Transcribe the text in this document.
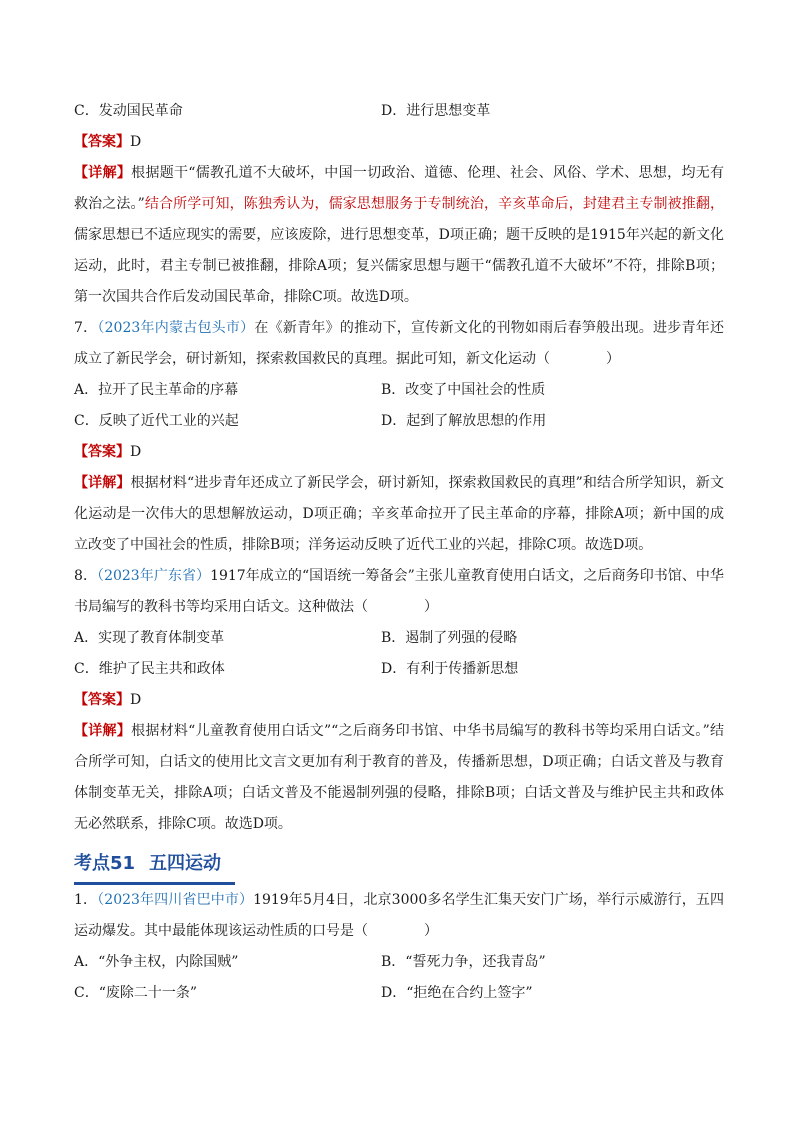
C．发动国民革命	D．进行思想变革
【答案】D
【详解】根据题干“儒教孔道不大破坏，中国一切政治、道德、伦理、社会、风俗、学术、思想，均无有救治之法。”结合所学可知，陈独秀认为，儒家思想服务于专制统治，辛亥革命后，封建君主专制被推翻，儒家思想已不适应现实的需要，应该废除，进行思想变革，D项正确；题干反映的是1915年兴起的新文化运动，此时，君主专制已被推翻，排除A项；复兴儒家思想与题干“儒教孔道不大破坏”不符，排除B项；第一次国共合作后发动国民革命，排除C项。故选D项。
7．（2023年内蒙古包头市）在《新青年》的推动下，宣传新文化的刊物如雨后春笋般出现。进步青年还成立了新民学会，研讨新知，探索救国救民的真理。据此可知，新文化运动（　　　　）
A．拉开了民主革命的序幕	B．改变了中国社会的性质
C．反映了近代工业的兴起	D．起到了解放思想的作用
【答案】D
【详解】根据材料“进步青年还成立了新民学会，研讨新知，探索救国救民的真理”和结合所学知识，新文化运动是一次伟大的思想解放运动，D项正确；辛亥革命拉开了民主革命的序幕，排除A项；新中国的成立改变了中国社会的性质，排除B项；洋务运动反映了近代工业的兴起，排除C项。故选D项。
8．（2023年广东省）1917年成立的“国语统一筹备会”主张儿童教育使用白话文，之后商务印书馆、中华书局编写的教科书等均采用白话文。这种做法（　　　　）
A．实现了教育体制变革	B．遏制了列强的侵略
C．维护了民主共和政体	D．有利于传播新思想
【答案】D
【详解】根据材料“儿童教育使用白话文”“之后商务印书馆、中华书局编写的教科书等均采用白话文。”结合所学可知，白话文的使用比文言文更加有利于教育的普及，传播新思想，D项正确；白话文普及与教育体制变革无关，排除A项；白话文普及不能遏制列强的侵略，排除B项；白话文普及与维护民主共和政体无必然联系，排除C项。故选D项。
考点51 五四运动
1．（2023年四川省巴中市）1919年5月4日，北京3000多名学生汇集天安门广场，举行示威游行，五四运动爆发。其中最能体现该运动性质的口号是（　　　　）
A．“外争主权，内除国贼”	B．“誓死力争，还我青岛”
C．“废除二十一条”	D．“拒绝在合约上签字”
